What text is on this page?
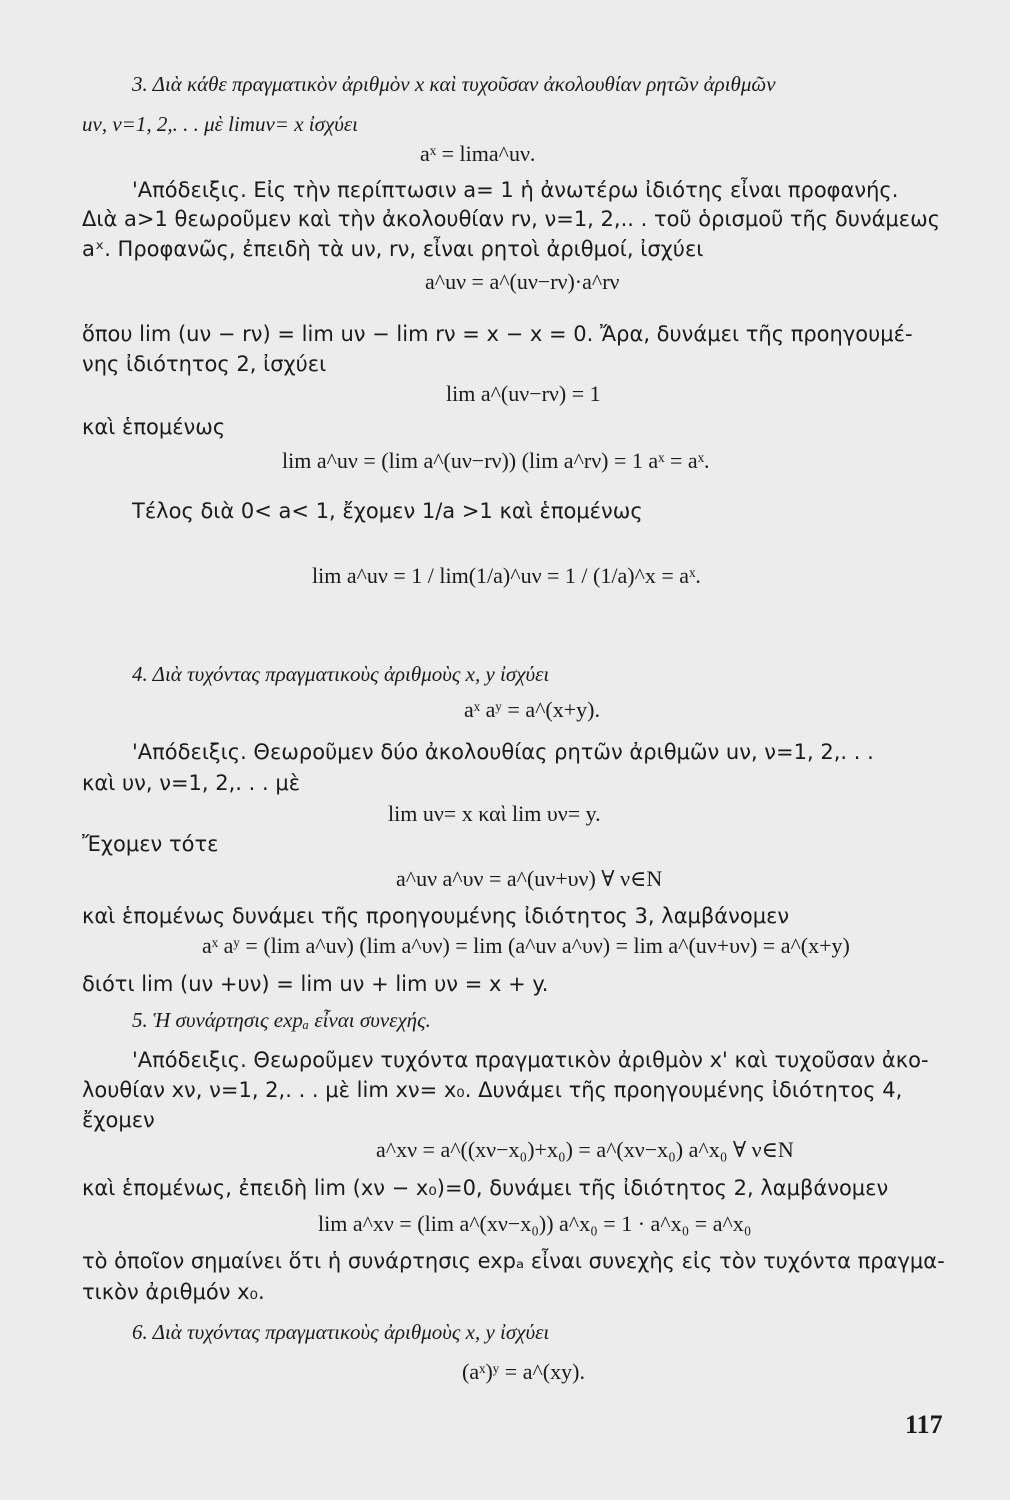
3. Διὰ κάθε πραγματικὸν ἀριθμὸν x καὶ τυχοῦσαν ἀκολουθίαν ρητῶν ἀριθμῶν
uν, ν=1, 2,. . . μὲ limuν= x ἰσχύει
aˣ = lima^uν.
'Απόδειξις. Εἰς τὴν περίπτωσιν a= 1 ἡ ἀνωτέρω ἰδιότης εἶναι προφανής.
Διὰ a>1 θεωροῦμεν καὶ τὴν ἀκολουθίαν rν, ν=1, 2,.. . τοῦ ὁρισμοῦ τῆς δυνάμεως
aˣ. Προφανῶς, ἐπειδὴ τὰ uν, rν, εἶναι ρητοὶ ἀριθμοί, ἰσχύει
a^uν = a^(uν−rν)·a^rν
ὅπου lim (uν − rν) = lim uν − lim rν = x − x = 0. Ἄρα, δυνάμει τῆς προηγουμέ-
νης ἰδιότητος 2, ἰσχύει
lim a^(uν−rν) = 1
καὶ ἑπομένως
lim a^uν = (lim a^(uν−rν)) (lim a^rν) = 1 aˣ = aˣ.
Τέλος διὰ 0< a< 1, ἔχομεν 1/a >1 καὶ ἑπομένως
lim a^uν = 1 / lim(1/a)^uν = 1 / (1/a)^x = aˣ.
4. Διὰ τυχόντας πραγματικοὺς ἀριθμοὺς x, y ἰσχύει
aˣ aʸ = a^(x+y).
'Απόδειξις. Θεωροῦμεν δύο ἀκολουθίας ρητῶν ἀριθμῶν uν, ν=1, 2,. . .
καὶ υν, ν=1, 2,. . . μὲ
lim uν= x καὶ lim υν= y.
Ἔχομεν τότε
a^uν a^υν = a^(uν+υν) ∀ ν∈N
καὶ ἑπομένως δυνάμει τῆς προηγουμένης ἰδιότητος 3, λαμβάνομεν
aˣ aʸ = (lim a^uν) (lim a^υν) = lim (a^uν a^υν) = lim a^(uν+υν) = a^(x+y)
διότι lim (uν +υν) = lim uν + lim υν = x + y.
5. Ἡ συνάρτησις expₐ εἶναι συνεχής.
'Απόδειξις. Θεωροῦμεν τυχόντα πραγματικὸν ἀριθμὸν x' καὶ τυχοῦσαν ἀκο-
λουθίαν xν, ν=1, 2,. . . μὲ lim xν= x₀. Δυνάμει τῆς προηγουμένης ἰδιότητος 4,
ἔχομεν
a^xν = a^((xν−x₀)+x₀) = a^(xν−x₀) a^x₀ ∀ ν∈N
καὶ ἑπομένως, ἐπειδὴ lim (xν − x₀)=0, δυνάμει τῆς ἰδιότητος 2, λαμβάνομεν
lim a^xν = (lim a^(xν−x₀)) a^x₀ = 1 · a^x₀ = a^x₀
τὸ ὁποῖον σημαίνει ὅτι ἡ συνάρτησις expₐ εἶναι συνεχὴς εἰς τὸν τυχόντα πραγμα-
τικὸν ἀριθμόν x₀.
6. Διὰ τυχόντας πραγματικοὺς ἀριθμοὺς x, y ἰσχύει
(aˣ)ʸ = a^(xy).
117
